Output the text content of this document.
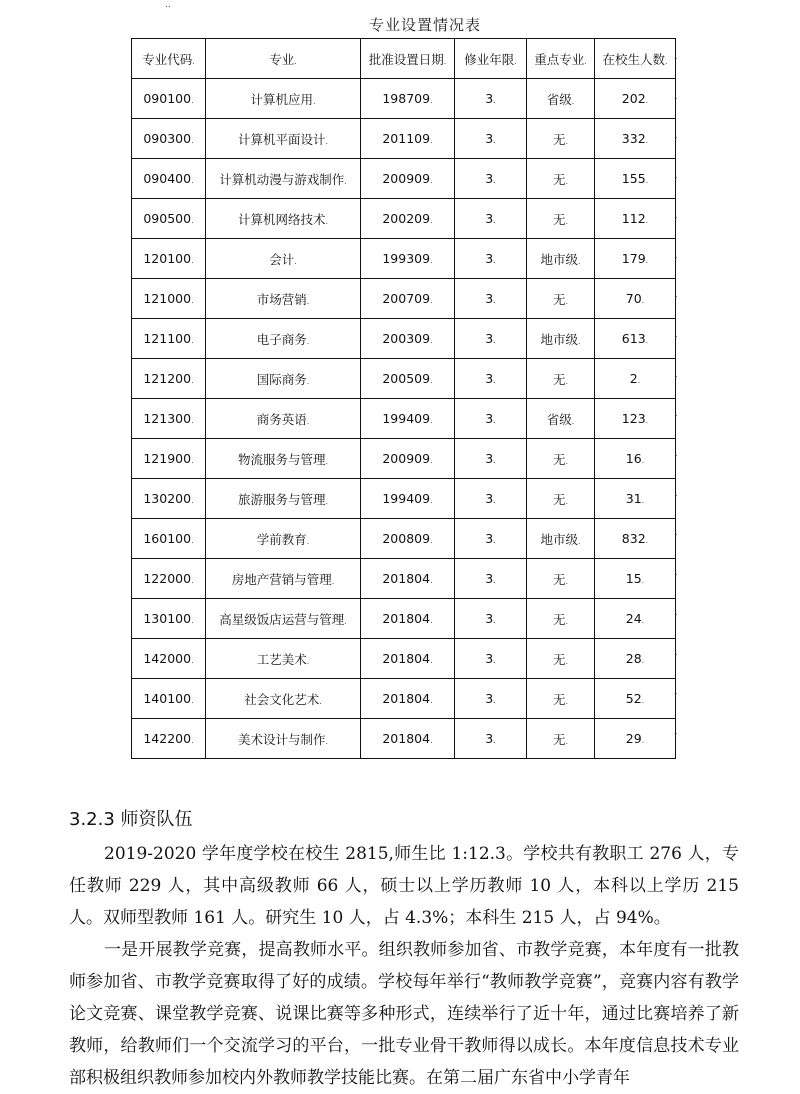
..
专业设置情况表
专业代码.	专业.	批准设置日期.	修业年限.	重点专业.	在校生人数.
090100.	计算机应用.	198709.	3.	省级.	202.
090300.	计算机平面设计.	201109.	3.	无.	332.
090400.	计算机动漫与游戏制作.	200909.	3.	无.	155.
090500.	计算机网络技术.	200209.	3.	无.	112.
120100.	会计.	199309.	3.	地市级.	179.
121000.	市场营销.	200709.	3.	无.	70.
121100.	电子商务.	200309.	3.	地市级.	613.
121200.	国际商务.	200509.	3.	无.	2.
121300.	商务英语.	199409.	3.	省级.	123.
121900.	物流服务与管理.	200909.	3.	无.	16.
130200.	旅游服务与管理.	199409.	3.	无.	31.
160100.	学前教育.	200809.	3.	地市级.	832.
122000.	房地产营销与管理.	201804.	3.	无.	15.
130100.	高星级饭店运营与管理.	201804.	3.	无.	24.
142000.	工艺美术.	201804.	3.	无.	28.
140100.	社会文化艺术.	201804.	3.	无.	52.
142200.	美术设计与制作.	201804.	3.	无.	29.
.
.
.
.
.
.
.
.
.
.
.
.
.
.
.
.
.
.
3.2.3 师资队伍

2019-2020 学年度学校在校生 2815,师生比 1:12.3。学校共有教职工 276 人，专任教师 229 人，其中高级教师 66 人，硕士以上学历教师 10 人，本科以上学历 215 人。双师型教师 161 人。研究生 10 人，占 4.3%；本科生 215 人，占 94%。

一是开展教学竞赛，提高教师水平。组织教师参加省、市教学竞赛，本年度有一批教师参加省、市教学竞赛取得了好的成绩。学校每年举行“教师教学竞赛”，竞赛内容有教学论文竞赛、课堂教学竞赛、说课比赛等多种形式，连续举行了近十年，通过比赛培养了新教师，给教师们一个交流学习的平台，一批专业骨干教师得以成长。本年度信息技术专业部积极组织教师参加校内外教师教学技能比赛。在第二届广东省中小学青年
